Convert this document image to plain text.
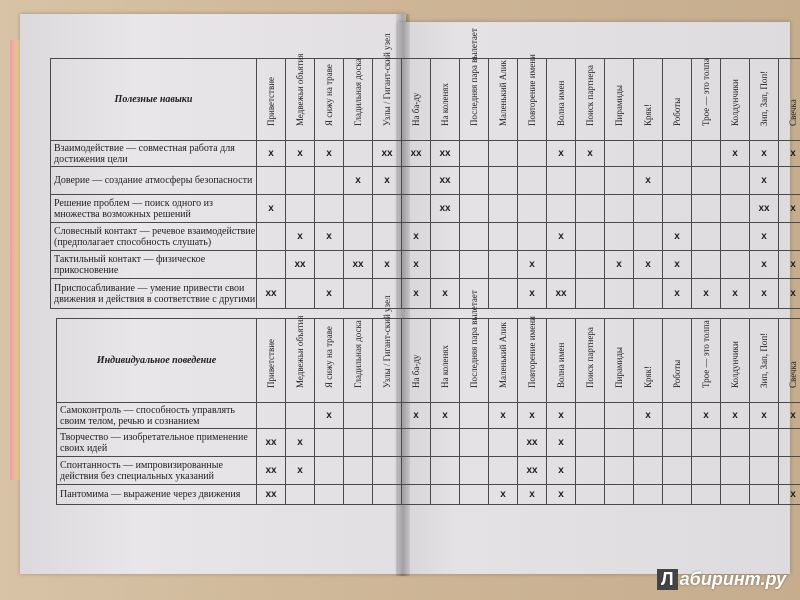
Полезные навыки	Приветствие	Медвежьи объятия	Я сижу на траве	Гладильная доска	Узлы / Гигант-ский узел	На ба-ду	На коленях	Последняя пара вылетает	Маленький Алик	Повторение имени	Волна имен	Поиск партнера	Пирамиды	Кряк!	Роботы	Трое — это толпа	Колдунчики	Зип, Зап, Поп!	Свечка

Взаимодействие — совместная работа для достижения цели	x	x	x		xx	xx	xx				x	x					x	x	x
Доверие — создание атмосферы безопасности				x	x		xx							x				x	
Решение проблем — поиск одного из множества возможных решений	x						xx											xx	x
Словесный контакт — речевое взаимодействие (предполагает способность слушать)		x	x			x					x				x			x	
Тактильный контакт — физическое прикосновение		xx		xx	x	x				x			x	x	x			x	x
Приспосабливание — умение привести свои движения и действия в соответствие с другими	xx		x			x	x			x	xx				x	x	x	x	x
Индивидуальное поведение	Приветствие	Медвежьи объятия	Я сижу на траве	Гладильная доска	Узлы / Гигант-ский узел	На ба-ду	На коленях	Последняя пара вылетает	Маленький Алик	Повторение имени	Волна имен	Поиск партнера	Пирамиды	Кряк!	Роботы	Трое — это толпа	Колдунчики	Зип, Зап, Поп!	Свечка

Самоконтроль — способность управлять своим телом, речью и сознанием			x			x	x		x	x	x			x		x	x	x	x
Творчество — изобретательное применение своих идей	xx	x								xx	x								
Спонтанность — импровизированные действия без специальных указаний	xx	x								xx	x								
Пантомима — выражение через движения	xx								x	x	x								x
Л абиринт.ру
